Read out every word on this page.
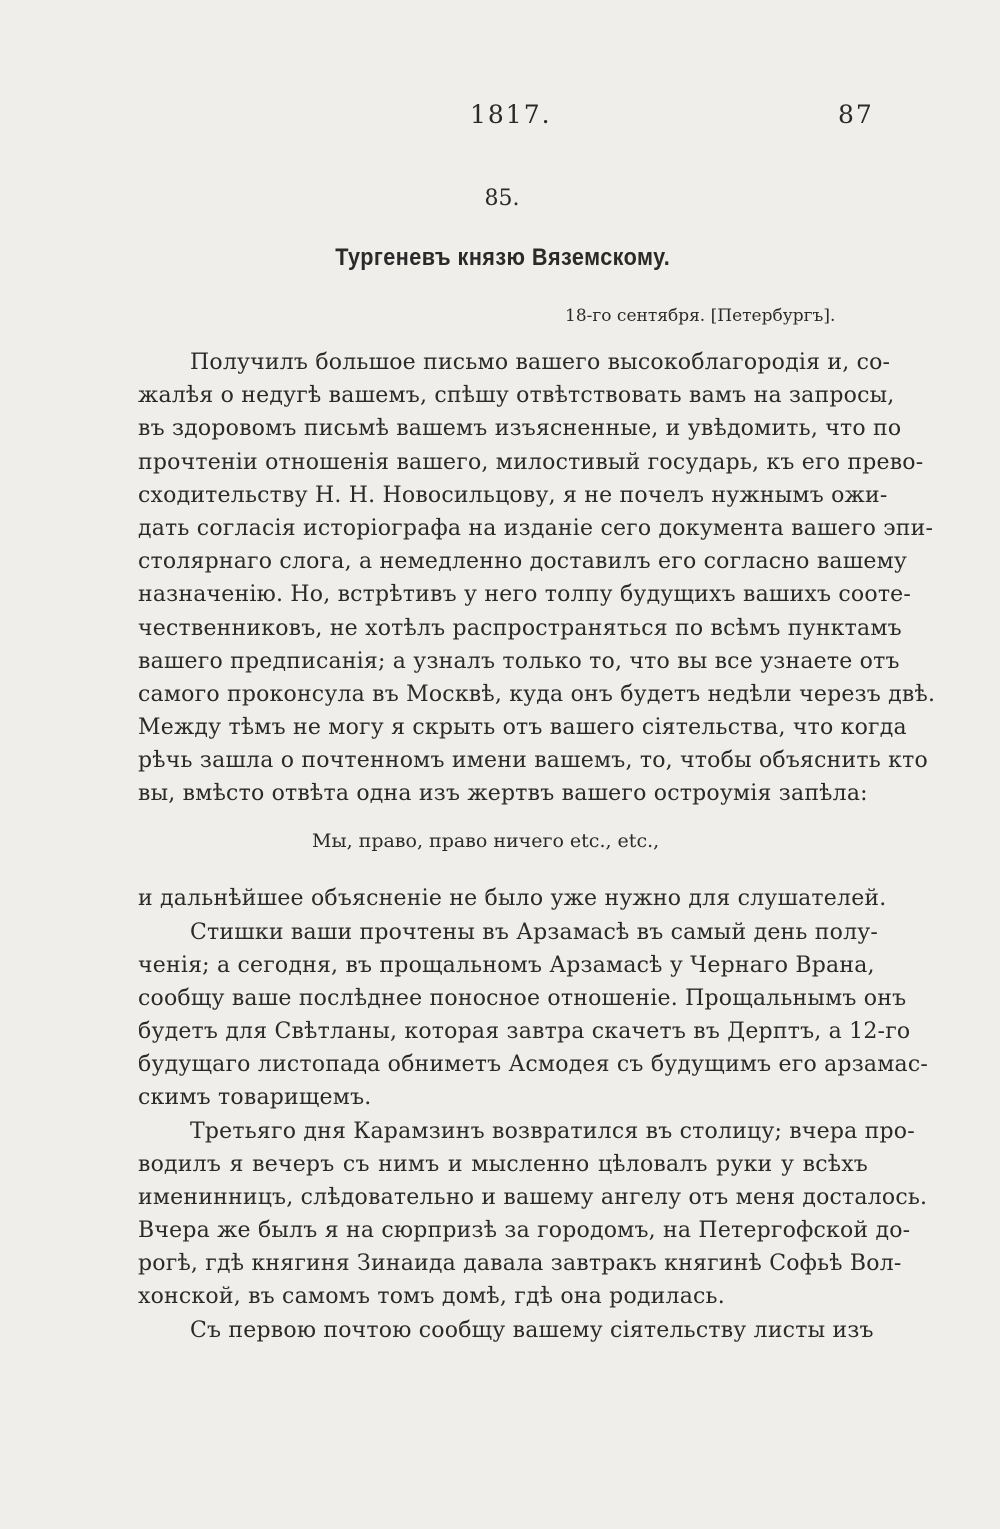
1817.	87
85.
Тургеневъ князю Вяземскому.
18-го сентября. [Петербургъ].
Получилъ большое письмо вашего высокоблагородія и, со-
жалѣя о недугѣ вашемъ, спѣшу отвѣтствовать вамъ на запросы,
въ здоровомъ письмѣ вашемъ изъясненные, и увѣдомить, что по
прочтеніи отношенія вашего, милостивый государь, къ его прево-
сходительству Н. Н. Новосильцову, я не почелъ нужнымъ ожи-
дать согласія исторіографа на изданіе сего документа вашего эпи-
столярнаго слога, а немедленно доставилъ его согласно вашему
назначенію. Но, встрѣтивъ у него толпу будущихъ вашихъ соотe-
чественниковъ, не хотѣлъ распространяться по всѣмъ пунктамъ
вашего предписанія; а узналъ только то, что вы все узнаете отъ
самого проконсула въ Москвѣ, куда онъ будетъ недѣли черезъ двѣ.
Между тѣмъ не могу я скрыть отъ вашего сіятельства, что когда
рѣчь зашла о почтенномъ имени вашемъ, то, чтобы объяснить кто
вы, вмѣсто отвѣта одна изъ жертвъ вашего остроумія запѣла:
Мы, право, право ничего etc., etc.,
и дальнѣйшее объясненіе не было уже нужно для слушателей.
Стишки ваши прочтены въ Арзамасѣ въ самый день полу-
ченія; а сегодня, въ прощальномъ Арзамасѣ у Чернаго Врана,
сообщу ваше послѣднее поносное отношеніе. Прощальнымъ онъ
будетъ для Свѣтланы, которая завтра скачетъ въ Дерптъ, а 12-го
будущаго листопада обниметъ Асмодея съ будущимъ его арзамас-
скимъ товарищемъ.
Третьяго дня Карамзинъ возвратился въ столицу; вчера про-
водилъ я вечеръ съ нимъ и мысленно цѣловалъ руки у всѣхъ
именинницъ, слѣдовательно и вашему ангелу отъ меня досталось.
Вчера же былъ я на сюрпризѣ за городомъ, на Петергофской до-
рогѣ, гдѣ княгиня Зинаида давала завтракъ княгинѣ Софьѣ Вол-
хонской, въ самомъ томъ домѣ, гдѣ она родилась.
Съ первою почтою сообщу вашему сіятельству листы изъ
